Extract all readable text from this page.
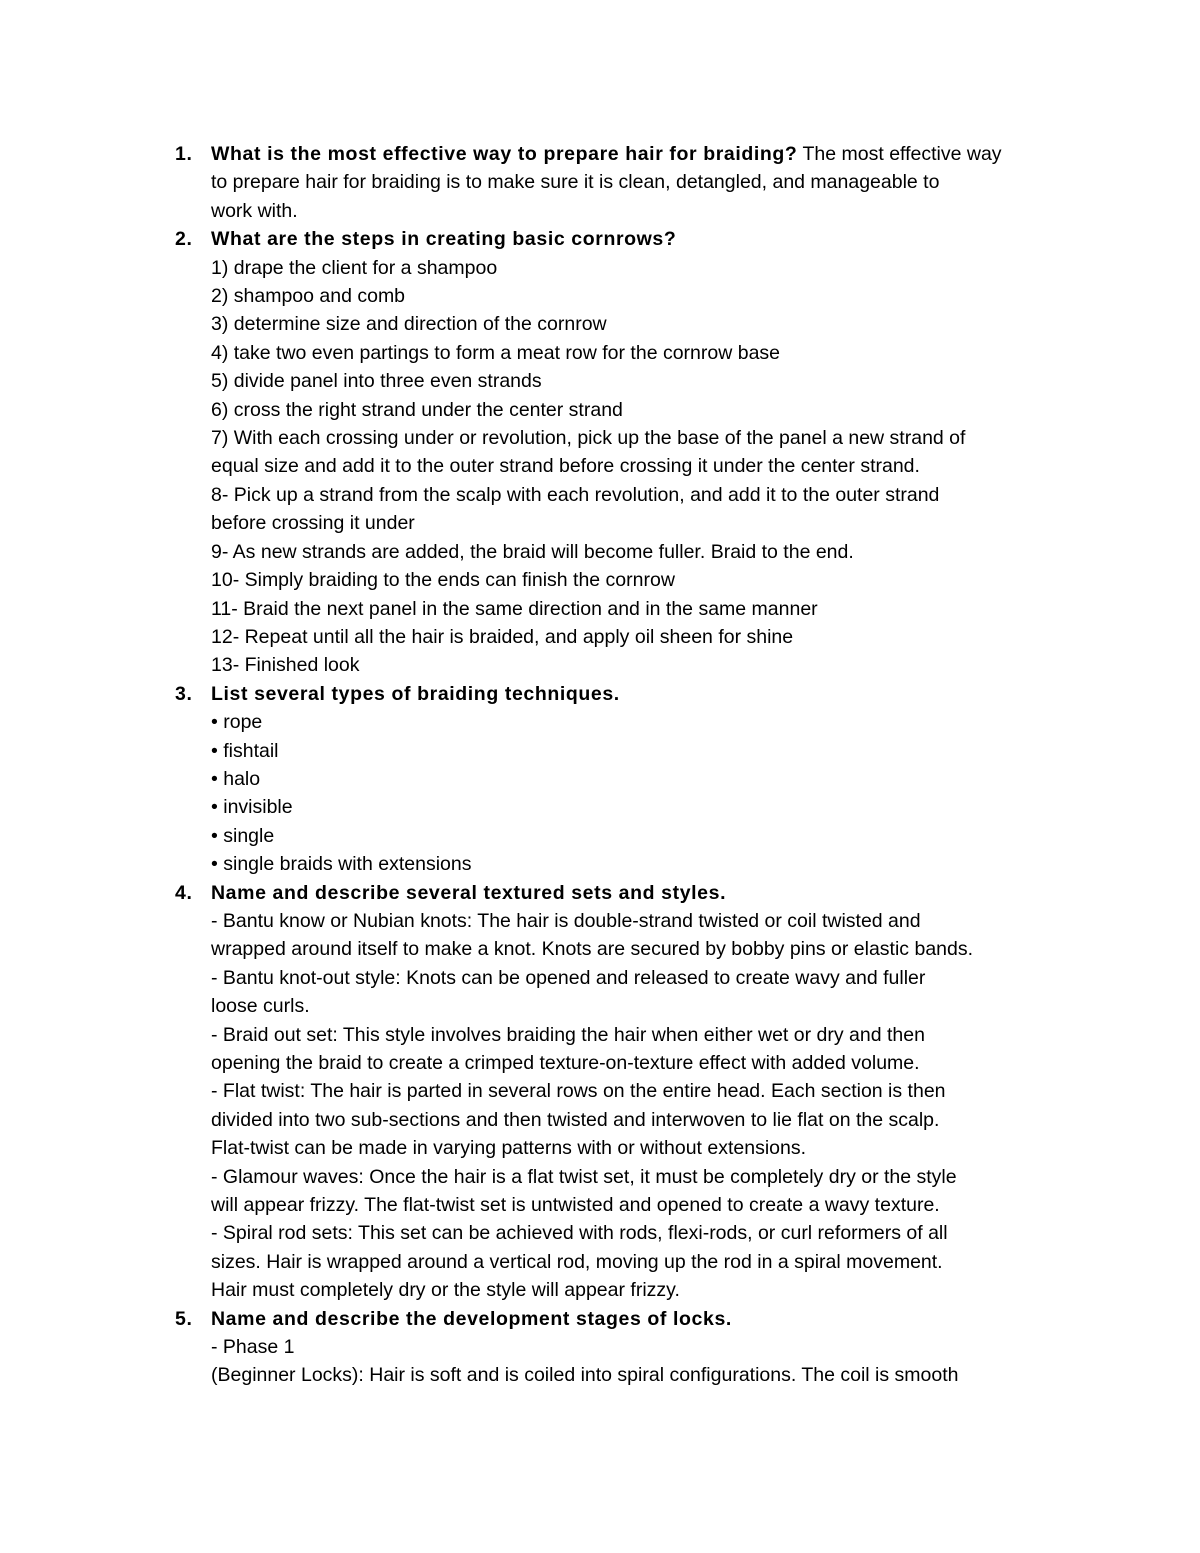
1. What is the most effective way to prepare hair for braiding? The most effective way
to prepare hair for braiding is to make sure it is clean, detangled, and manageable to
work with.
2. What are the steps in creating basic cornrows?
1) drape the client for a shampoo
2) shampoo and comb
3) determine size and direction of the cornrow
4) take two even partings to form a meat row for the cornrow base
5) divide panel into three even strands
6) cross the right strand under the center strand
7) With each crossing under or revolution, pick up the base of the panel a new strand of
equal size and add it to the outer strand before crossing it under the center strand.
8- Pick up a strand from the scalp with each revolution, and add it to the outer strand
before crossing it under
9- As new strands are added, the braid will become fuller. Braid to the end.
10- Simply braiding to the ends can finish the cornrow
11- Braid the next panel in the same direction and in the same manner
12- Repeat until all the hair is braided, and apply oil sheen for shine
13- Finished look
3. List several types of braiding techniques.
• rope
• fishtail
• halo
• invisible
• single
• single braids with extensions
4. Name and describe several textured sets and styles.
- Bantu know or Nubian knots: The hair is double-strand twisted or coil twisted and
wrapped around itself to make a knot. Knots are secured by bobby pins or elastic bands.
- Bantu knot-out style: Knots can be opened and released to create wavy and fuller
loose curls.
- Braid out set: This style involves braiding the hair when either wet or dry and then
opening the braid to create a crimped texture-on-texture effect with added volume.
- Flat twist: The hair is parted in several rows on the entire head. Each section is then
divided into two sub-sections and then twisted and interwoven to lie flat on the scalp.
Flat-twist can be made in varying patterns with or without extensions.
- Glamour waves: Once the hair is a flat twist set, it must be completely dry or the style
will appear frizzy. The flat-twist set is untwisted and opened to create a wavy texture.
- Spiral rod sets: This set can be achieved with rods, flexi-rods, or curl reformers of all
sizes. Hair is wrapped around a vertical rod, moving up the rod in a spiral movement.
Hair must completely dry or the style will appear frizzy.
5. Name and describe the development stages of locks.
- Phase 1
(Beginner Locks): Hair is soft and is coiled into spiral configurations. The coil is smooth
